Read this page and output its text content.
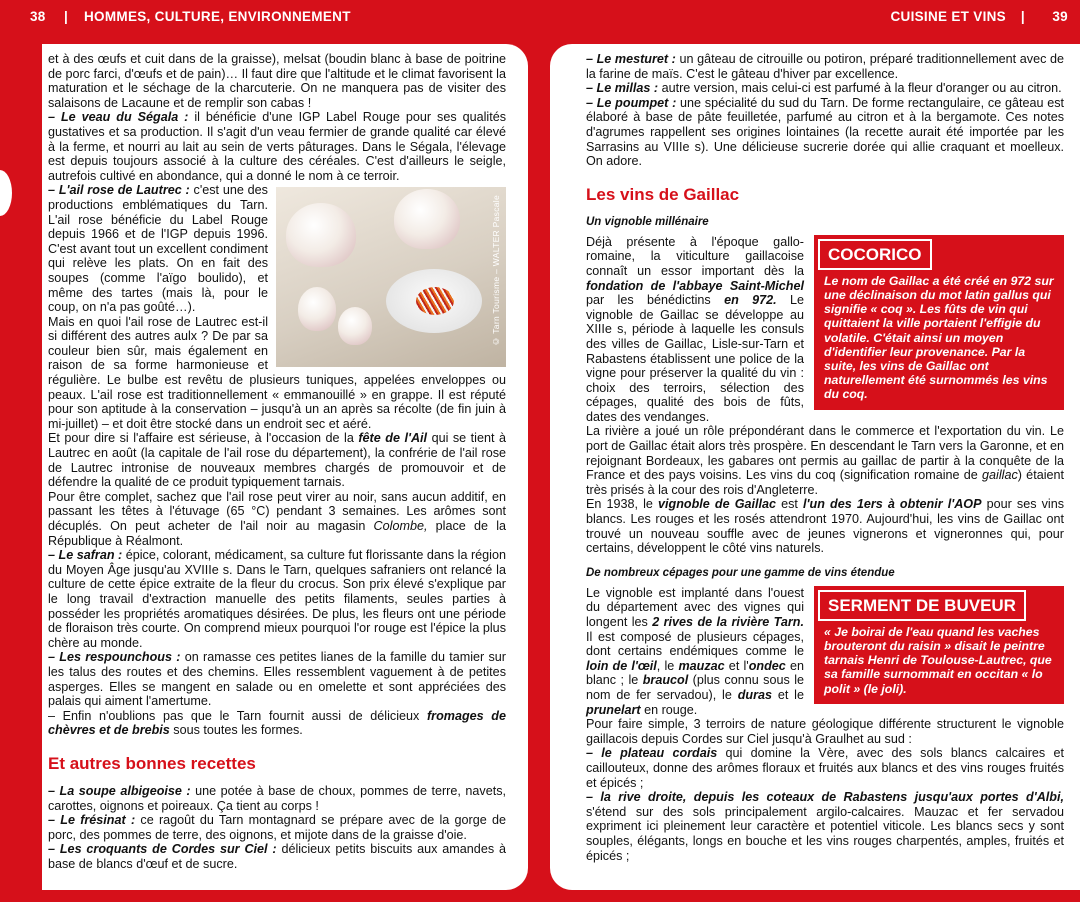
38 | HOMMES, CULTURE, ENVIRONNEMENT

et à des œufs et cuit dans de la graisse), melsat (boudin blanc à base de poitrine de porc farci, d'œufs et de pain)… Il faut dire que l'altitude et le climat favorisent la maturation et le séchage de la charcuterie. On ne manquera pas de visiter des salaisons de Lacaune et de remplir son cabas !

– Le veau du Ségala : il bénéficie d'une IGP Label Rouge pour ses qualités gustatives et sa production. Il s'agit d'un veau fermier de grande qualité car élevé à la ferme, et nourri au lait au sein de verts pâturages. Dans le Ségala, l'élevage est depuis toujours associé à la culture des céréales. C'est d'ailleurs le seigle, autrefois cultivé en abondance, qui a donné le nom à ce terroir.

© Tarn Tourisme – WALTER Pascale

– L'ail rose de Lautrec : c'est une des productions emblématiques du Tarn. L'ail rose bénéficie du Label Rouge depuis 1966 et de l'IGP depuis 1996. C'est avant tout un excellent condiment qui relève les plats. On en fait des soupes (comme l'aïgo boulido), et même des tartes (mais là, pour le coup, on n'a pas goûté…).

Mais en quoi l'ail rose de Lautrec est-il si différent des autres aulx ? De par sa couleur bien sûr, mais également en raison de sa forme harmonieuse et régulière. Le bulbe est revêtu de plusieurs tuniques, appelées enveloppes ou peaux. L'ail rose est traditionnellement « emmanouillé » en grappe. Il est réputé pour son aptitude à la conservation – jusqu'à un an après sa récolte (de fin juin à mi-juillet) – et doit être stocké dans un endroit sec et aéré.

Et pour dire si l'affaire est sérieuse, à l'occasion de la fête de l'Ail qui se tient à Lautrec en août (la capitale de l'ail rose du département), la confrérie de l'ail rose de Lautrec intronise de nouveaux membres chargés de promouvoir et de défendre la qualité de ce produit typiquement tarnais.

Pour être complet, sachez que l'ail rose peut virer au noir, sans aucun additif, en passant les têtes à l'étuvage (65 °C) pendant 3 semaines. Les arômes sont décuplés. On peut acheter de l'ail noir au magasin Colombe, place de la République à Réalmont.

– Le safran : épice, colorant, médicament, sa culture fut florissante dans la région du Moyen Âge jusqu'au XVIIIe s. Dans le Tarn, quelques safraniers ont relancé la culture de cette épice extraite de la fleur du crocus. Son prix élevé s'explique par le long travail d'extraction manuelle des petits filaments, seules parties à posséder les propriétés aromatiques désirées. De plus, les fleurs ont une période de floraison très courte. On comprend mieux pourquoi l'or rouge est l'épice la plus chère au monde.

– Les respounchous : on ramasse ces petites lianes de la famille du tamier sur les talus des routes et des chemins. Elles ressemblent vaguement à de petites asperges. Elles se mangent en salade ou en omelette et sont appréciées des palais qui aiment l'amertume.

– Enfin n'oublions pas que le Tarn fournit aussi de délicieux fromages de chèvres et de brebis sous toutes les formes.

Et autres bonnes recettes

– La soupe albigeoise : une potée à base de choux, pommes de terre, navets, carottes, oignons et poireaux. Ça tient au corps !

– Le frésinat : ce ragoût du Tarn montagnard se prépare avec de la gorge de porc, des pommes de terre, des oignons, et mijote dans de la graisse d'oie.

– Les croquants de Cordes sur Ciel : délicieux petits biscuits aux amandes à base de blancs d'œuf et de sucre.

CUISINE ET VINS | 39

– Le mesturet : un gâteau de citrouille ou potiron, préparé traditionnellement avec de la farine de maïs. C'est le gâteau d'hiver par excellence.

– Le millas : autre version, mais celui-ci est parfumé à la fleur d'oranger ou au citron.

– Le poumpet : une spécialité du sud du Tarn. De forme rectangulaire, ce gâteau est élaboré à base de pâte feuilletée, parfumé au citron et à la bergamote. Ces notes d'agrumes rappellent ses origines lointaines (la recette aurait été importée par les Sarrasins au VIIIe s). Une délicieuse sucrerie dorée qui allie craquant et moelleux. On adore.

Les vins de Gaillac
Un vignoble millénaire
COCORICO
Le nom de Gaillac a été créé en 972 sur une déclinaison du mot latin gallus qui signifie « coq ». Les fûts de vin qui quittaient la ville portaient l'effigie du volatile. C'était ainsi un moyen d'identifier leur provenance. Par la suite, les vins de Gaillac ont naturellement été surnommés les vins du coq.

Déjà présente à l'époque gallo-romaine, la viticulture gaillacoise connaît un essor important dès la fondation de l'abbaye Saint-Michel par les bénédictins en 972. Le vignoble de Gaillac se développe au XIIIe s, période à laquelle les consuls des villes de Gaillac, Lisle-sur-Tarn et Rabastens établissent une police de la vigne pour préserver la qualité du vin : choix des terroirs, sélection des cépages, qualité des bois de fûts, dates des vendanges.

La rivière a joué un rôle prépondérant dans le commerce et l'exportation du vin. Le port de Gaillac était alors très prospère. En descendant le Tarn vers la Garonne, et en rejoignant Bordeaux, les gabares ont permis au gaillac de partir à la conquête de la France et des pays voisins. Les vins du coq (signification romaine de gaillac) étaient très prisés à la cour des rois d'Angleterre.

En 1938, le vignoble de Gaillac est l'un des 1ers à obtenir l'AOP pour ses vins blancs. Les rouges et les rosés attendront 1970. Aujourd'hui, les vins de Gaillac ont trouvé un nouveau souffle avec de jeunes vignerons et vigneronnes qui, pour certains, développent le côté vins naturels.

De nombreux cépages pour une gamme de vins étendue
SERMENT DE BUVEUR
« Je boirai de l'eau quand les vaches brouteront du raisin » disait le peintre tarnais Henri de Toulouse-Lautrec, que sa famille surnommait en occitan « lo polit » (le joli).

Le vignoble est implanté dans l'ouest du département avec des vignes qui longent les 2 rives de la rivière Tarn. Il est composé de plusieurs cépages, dont certains endémiques comme le loin de l'œil, le mauzac et l'ondec en blanc ; le braucol (plus connu sous le nom de fer servadou), le duras et le prunelart en rouge.

Pour faire simple, 3 terroirs de nature géologique différente structurent le vignoble gaillacois depuis Cordes sur Ciel jusqu'à Graulhet au sud :

– le plateau cordais qui domine la Vère, avec des sols blancs calcaires et caillouteux, donne des arômes floraux et fruités aux blancs et des vins rouges fruités et épicés ;

– la rive droite, depuis les coteaux de Rabastens jusqu'aux portes d'Albi, s'étend sur des sols principalement argilo-calcaires. Mauzac et fer servadou expriment ici pleinement leur caractère et potentiel viticole. Les blancs secs y sont souples, élégants, longs en bouche et les vins rouges charpentés, amples, fruités et épicés ;
